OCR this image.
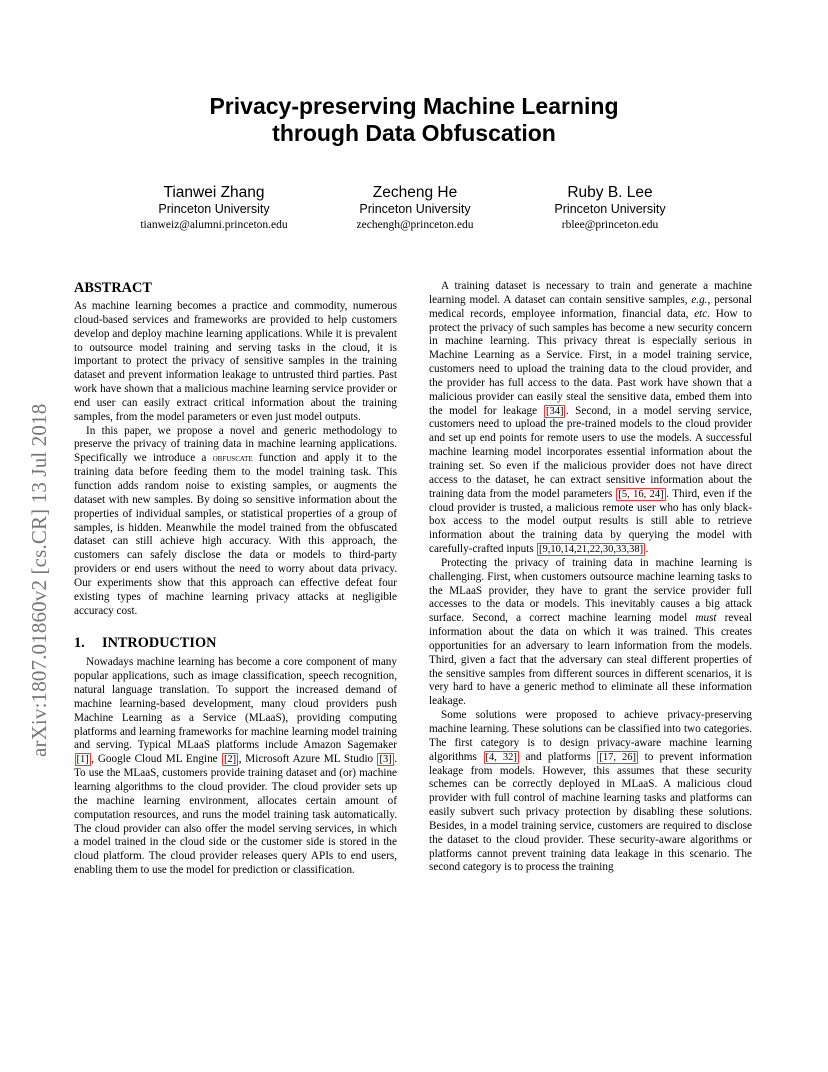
Privacy-preserving Machine Learning
through Data Obfuscation
Tianwei Zhang
Princeton University
tianweiz@alumni.princeton.edu
Zecheng He
Princeton University
zechengh@princeton.edu
Ruby B. Lee
Princeton University
rblee@princeton.edu
arXiv:1807.01860v2 [cs.CR] 13 Jul 2018
ABSTRACT

As machine learning becomes a practice and commodity, numerous cloud-based services and frameworks are provided to help customers develop and deploy machine learning applications. While it is prevalent to outsource model training and serving tasks in the cloud, it is important to protect the privacy of sensitive samples in the training dataset and prevent information leakage to untrusted third parties. Past work have shown that a malicious machine learning service provider or end user can easily extract critical information about the training samples, from the model parameters or even just model outputs.

In this paper, we propose a novel and generic methodology to preserve the privacy of training data in machine learning applications. Specifically we introduce a obfuscate function and apply it to the training data before feeding them to the model training task. This function adds random noise to existing samples, or augments the dataset with new samples. By doing so sensitive information about the properties of individual samples, or statistical properties of a group of samples, is hidden. Meanwhile the model trained from the obfuscated dataset can still achieve high accuracy. With this approach, the customers can safely disclose the data or models to third-party providers or end users without the need to worry about data privacy. Our experiments show that this approach can effective defeat four existing types of machine learning privacy attacks at negligible accuracy cost.

1. INTRODUCTION

Nowadays machine learning has become a core component of many popular applications, such as image classification, speech recognition, natural language translation. To support the increased demand of machine learning-based development, many cloud providers push Machine Learning as a Service (MLaaS), providing computing platforms and learning frameworks for machine learning model training and serving. Typical MLaaS platforms include Amazon Sagemaker [1] , Google Cloud ML Engine [2] , Microsoft Azure ML Studio [3] . To use the MLaaS, customers provide training dataset and (or) machine learning algorithms to the cloud provider. The cloud provider sets up the machine learning environment, allocates certain amount of computation resources, and runs the model training task automatically. The cloud provider can also offer the model serving services, in which a model trained in the cloud side or the customer side is stored in the cloud platform. The cloud provider releases query APIs to end users, enabling them to use the model for prediction or classification.

A training dataset is necessary to train and generate a machine learning model. A dataset can contain sensitive samples, e.g., personal medical records, employee information, financial data, etc. How to protect the privacy of such samples has become a new security concern in machine learning. This privacy threat is especially serious in Machine Learning as a Service. First, in a model training service, customers need to upload the training data to the cloud provider, and the provider has full access to the data. Past work have shown that a malicious provider can easily steal the sensitive data, embed them into the model for leakage [34] . Second, in a model serving service, customers need to upload the pre-trained models to the cloud provider and set up end points for remote users to use the models. A successful machine learning model incorporates essential information about the training set. So even if the malicious provider does not have direct access to the dataset, he can extract sensitive information about the training data from the model parameters [5, 16, 24] . Third, even if the cloud provider is trusted, a malicious remote user who has only black-box access to the model output results is still able to retrieve information about the training data by querying the model with carefully-crafted inputs [9,10,14,21,22,30,33,38] .

Protecting the privacy of training data in machine learning is challenging. First, when customers outsource machine learning tasks to the MLaaS provider, they have to grant the service provider full accesses to the data or models. This inevitably causes a big attack surface. Second, a correct machine learning model must reveal information about the data on which it was trained. This creates opportunities for an adversary to learn information from the models. Third, given a fact that the adversary can steal different properties of the sensitive samples from different sources in different scenarios, it is very hard to have a generic method to eliminate all these information leakage.

Some solutions were proposed to achieve privacy-preserving machine learning. These solutions can be classified into two categories. The first category is to design privacy-aware machine learning algorithms [4, 32] and platforms [17, 26] to prevent information leakage from models. However, this assumes that these security schemes can be correctly deployed in MLaaS. A malicious cloud provider with full control of machine learning tasks and platforms can easily subvert such privacy protection by disabling these solutions. Besides, in a model training service, customers are required to disclose the dataset to the cloud provider. These security-aware algorithms or platforms cannot prevent training data leakage in this scenario. The second category is to process the training
